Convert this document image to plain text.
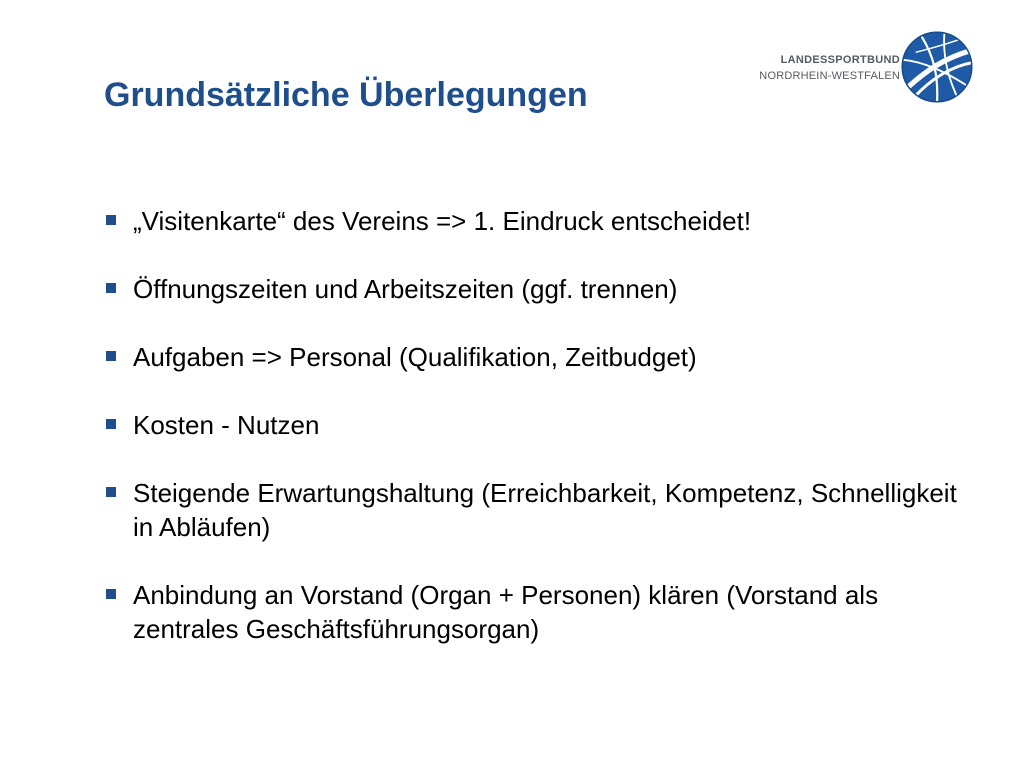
Grundsätzliche Überlegungen
LANDESSPORTBUND
NORDRHEIN-WESTFALEN
„Visitenkarte“ des Vereins => 1. Eindruck entscheidet!
Öffnungszeiten und Arbeitszeiten (ggf. trennen)
Aufgaben => Personal (Qualifikation, Zeitbudget)
Kosten - Nutzen
Steigende Erwartungshaltung (Erreichbarkeit, Kompetenz, Schnelligkeit in Abläufen)
Anbindung an Vorstand (Organ + Personen) klären (Vorstand als zentrales Geschäftsführungsorgan)
